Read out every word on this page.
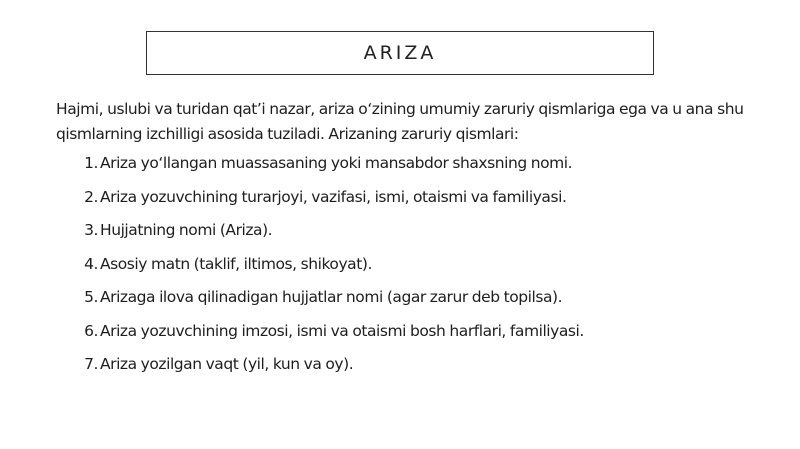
ARIZA

Hajmi, uslubi va turidan qat’i nazar, ariza o‘zining umumiy zaruriy qismlariga ega va u ana shu qismlarning izchilligi asosida tuziladi. Arizaning zaruriy qismlari:

1. Ariza yo‘llangan muassasaning yoki mansabdor shaxsning nomi.
2. Ariza yozuvchining turarjoyi, vazifasi, ismi, otaismi va familiyasi.
3. Hujjatning nomi (Ariza).
4. Asosiy matn (taklif, iltimos, shikoyat).
5. Arizaga ilova qilinadigan hujjatlar nomi (agar zarur deb topilsa).
6. Ariza yozuvchining imzosi, ismi va otaismi bosh harflari, familiyasi.
7. Ariza yozilgan vaqt (yil, kun va oy).
